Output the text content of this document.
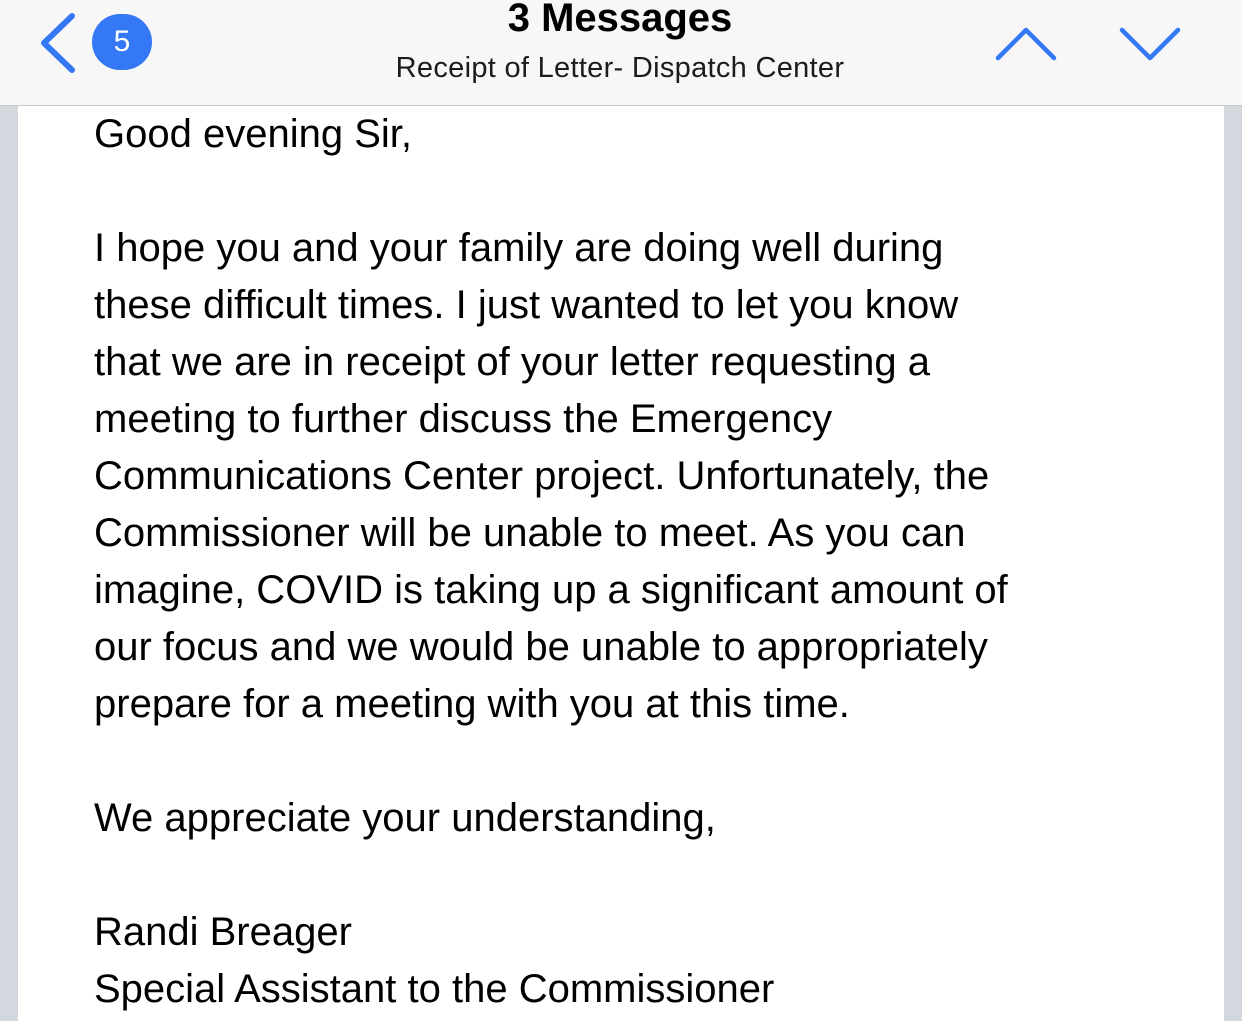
5
3 Messages
Receipt of Letter- Dispatch Center

Good evening Sir,

I hope you and your family are doing well during

these difficult times. I just wanted to let you know

that we are in receipt of your letter requesting a

meeting to further discuss the Emergency

Communications Center project. Unfortunately, the

Commissioner will be unable to meet. As you can

imagine, COVID is taking up a significant amount of

our focus and we would be unable to appropriately

prepare for a meeting with you at this time.

We appreciate your understanding,

Randi Breager

Special Assistant to the Commissioner
